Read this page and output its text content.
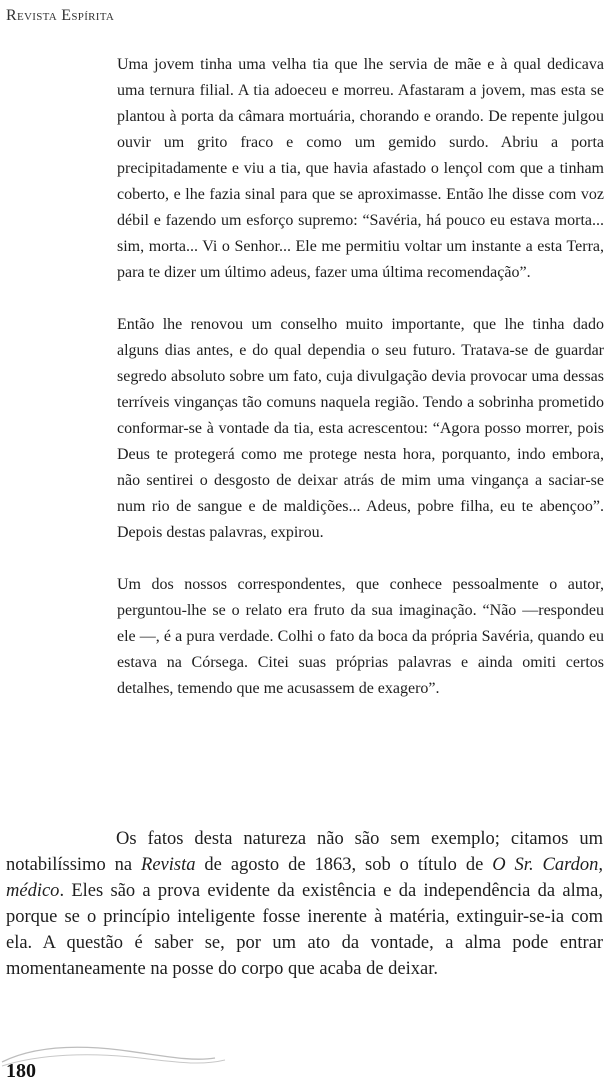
Revista Espírita

Uma jovem tinha uma velha tia que lhe servia de mãe e à qual dedicava uma ternura filial. A tia adoeceu e morreu. Afastaram a jovem, mas esta se plantou à porta da câmara mortuária, chorando e orando. De repente julgou ouvir um grito fraco e como um gemido surdo. Abriu a porta precipitadamente e viu a tia, que havia afastado o lençol com que a tinham coberto, e lhe fazia sinal para que se aproximasse. Então lhe disse com voz débil e fazendo um esforço supremo: “Savéria, há pouco eu estava morta... sim, morta... Vi o Senhor... Ele me permitiu voltar um instante a esta Terra, para te dizer um último adeus, fazer uma última recomendação”.

Então lhe renovou um conselho muito importante, que lhe tinha dado alguns dias antes, e do qual dependia o seu futuro. Tratava-se de guardar segredo absoluto sobre um fato, cuja divulgação devia provocar uma dessas terríveis vinganças tão comuns naquela região. Tendo a sobrinha prometido conformar-se à vontade da tia, esta acrescentou: “Agora posso morrer, pois Deus te protegerá como me protege nesta hora, porquanto, indo embora, não sentirei o desgosto de deixar atrás de mim uma vingança a saciar-se num rio de sangue e de maldições... Adeus, pobre filha, eu te abençoo”. Depois destas palavras, expirou.

Um dos nossos correspondentes, que conhece pessoalmente o autor, perguntou-lhe se o relato era fruto da sua imaginação. “Não —respondeu ele —, é a pura verdade. Colhi o fato da boca da própria Savéria, quando eu estava na Córsega. Citei suas próprias palavras e ainda omiti certos detalhes, temendo que me acusassem de exagero”.

Os fatos desta natureza não são sem exemplo; citamos um notabilíssimo na Revista de agosto de 1863, sob o título de O Sr. Cardon, médico. Eles são a prova evidente da existência e da independência da alma, porque se o princípio inteligente fosse inerente à matéria, extinguir-se-ia com ela. A questão é saber se, por um ato da vontade, a alma pode entrar momentaneamente na posse do corpo que acaba de deixar.

180
